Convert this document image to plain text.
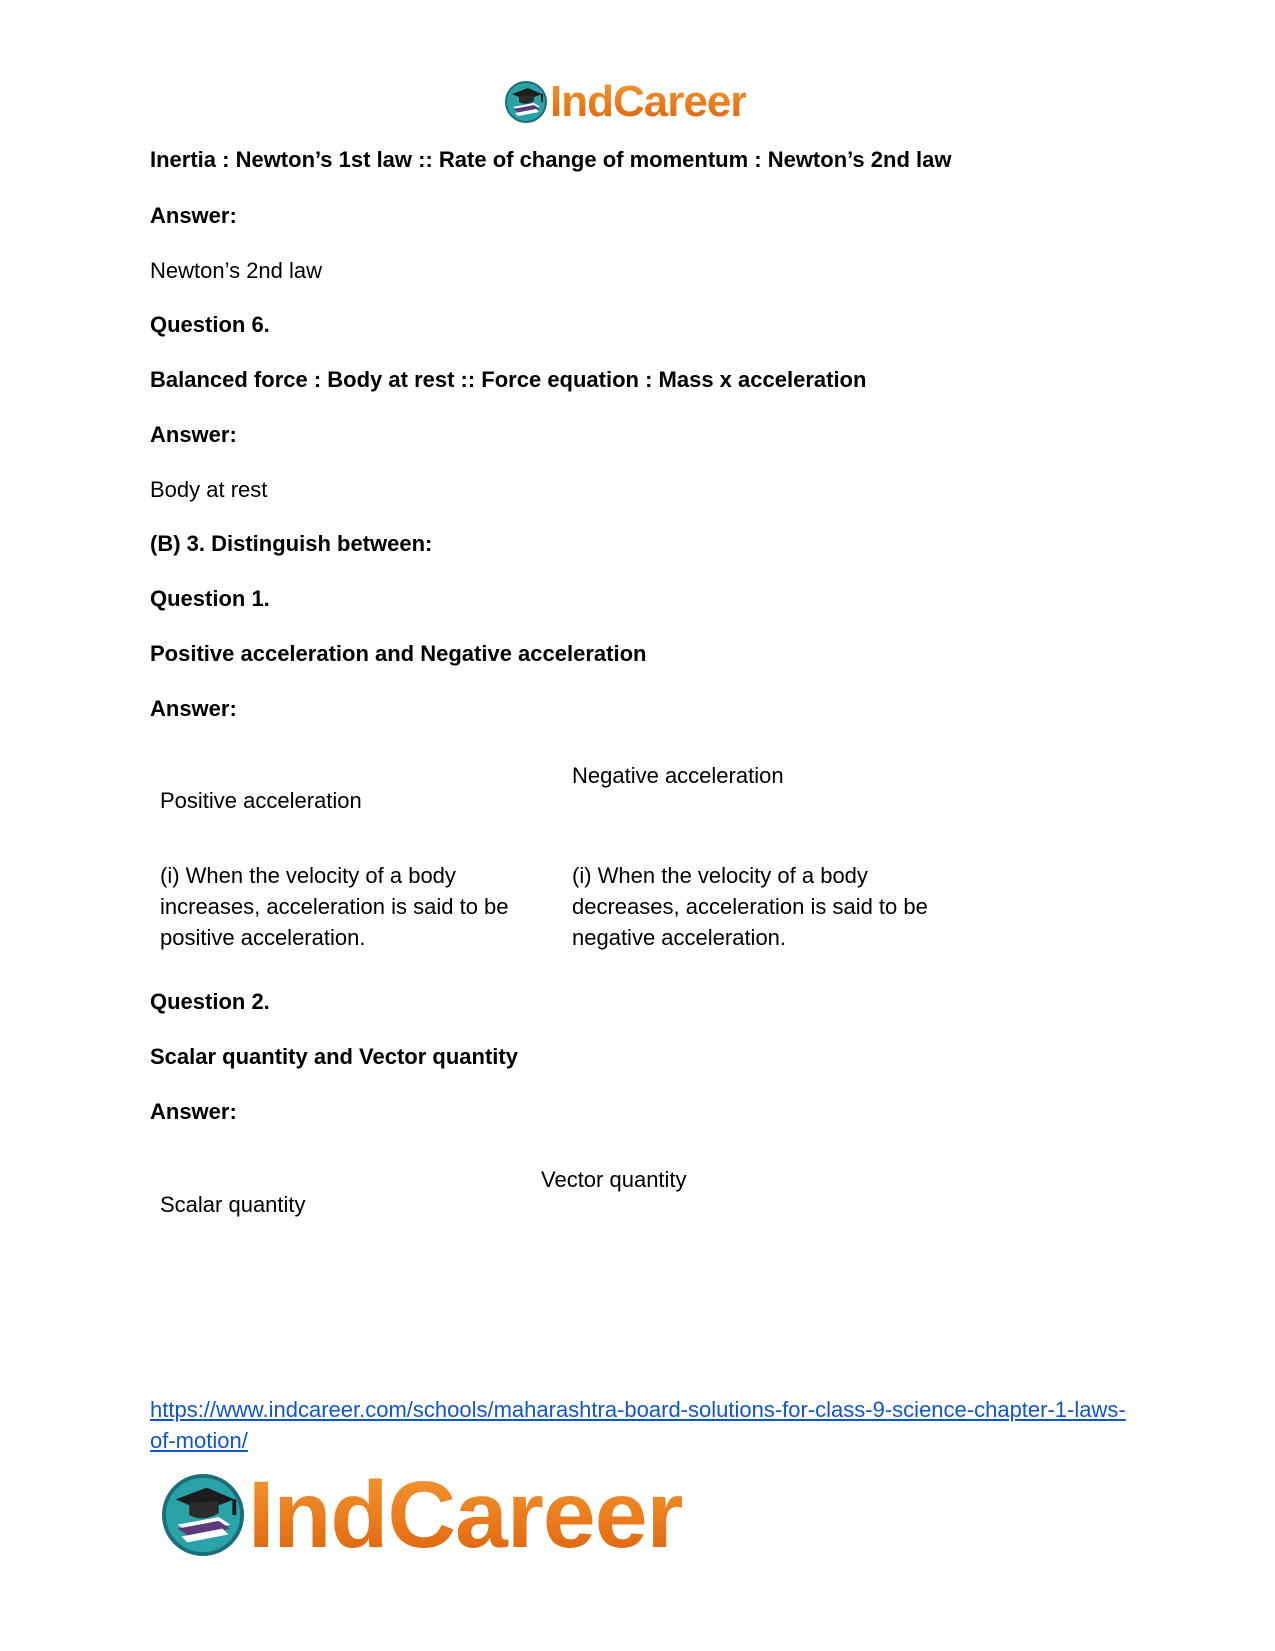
IndCareer
Inertia : Newton’s 1st law :: Rate of change of momentum : Newton’s 2nd law
Answer:
Newton’s 2nd law
Question 6.
Balanced force : Body at rest :: Force equation : Mass x acceleration
Answer:
Body at rest
(B) 3. Distinguish between:
Question 1.
Positive acceleration and Negative acceleration
Answer:
Positive acceleration
Negative acceleration
(i) When the velocity of a body increases, acceleration is said to be positive acceleration.
(i) When the velocity of a body decreases, acceleration is said to be negative acceleration.
Question 2.
Scalar quantity and Vector quantity
Answer:
Scalar quantity
Vector quantity
https://www.indcareer.com/schools/maharashtra-board-solutions-for-class-9-science-chapter-1-laws-of-motion/
IndCareer
